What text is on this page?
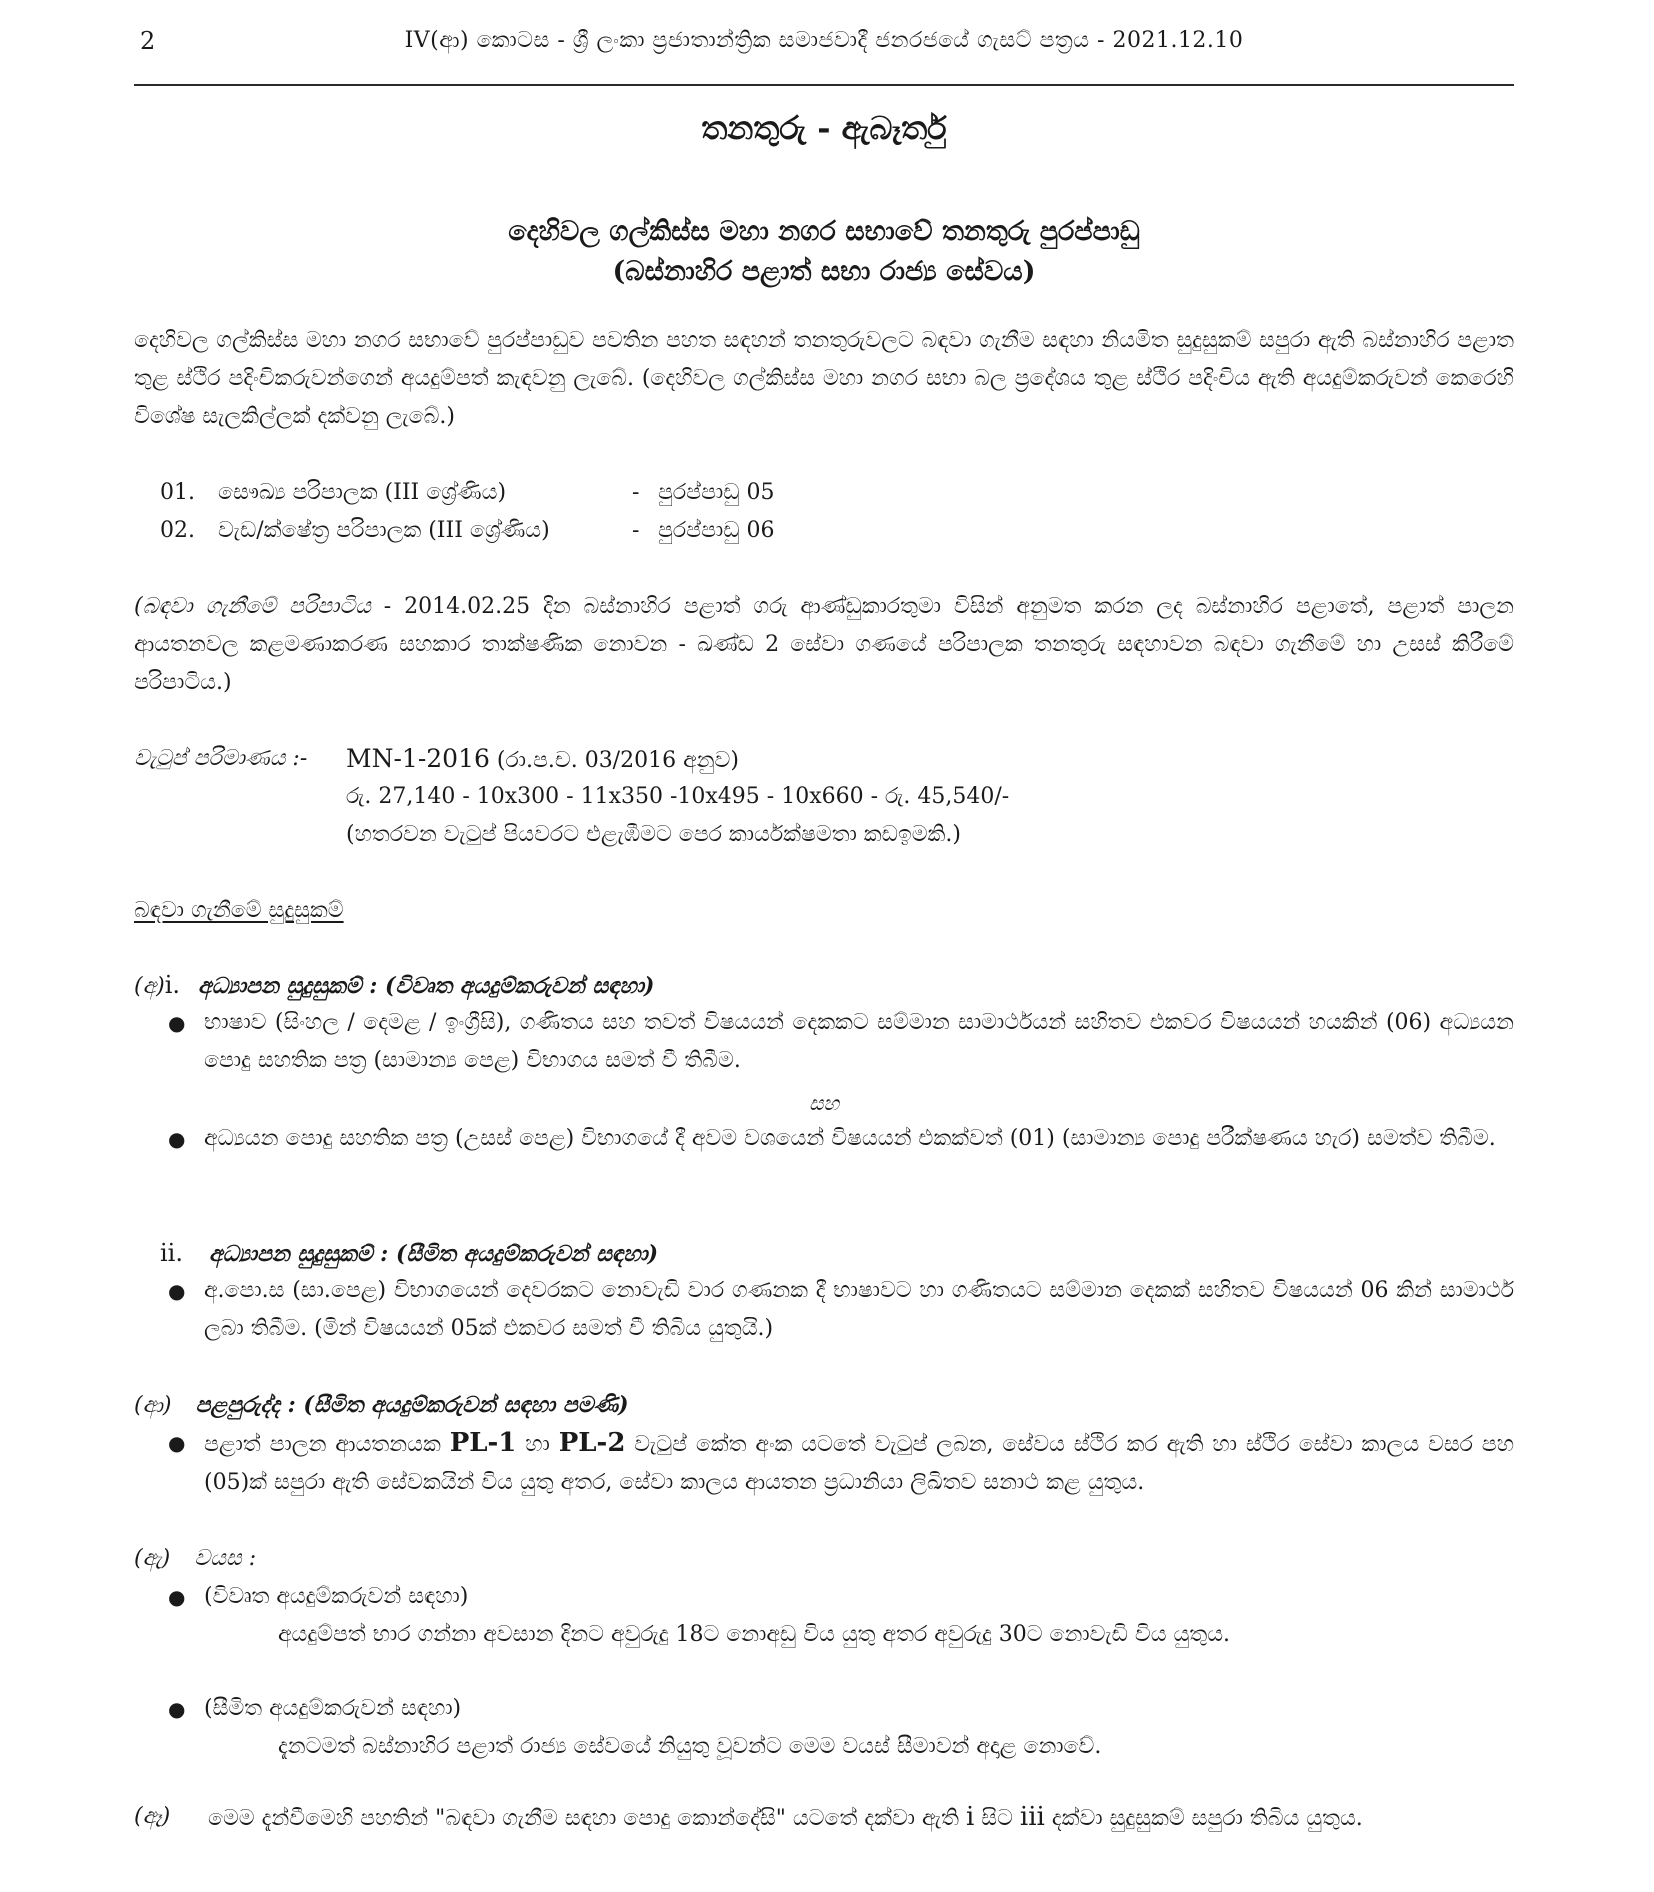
2	IV(ආ) කොටස - ශ්‍රී ලංකා ප්‍රජාතාන්ත්‍රික සමාජවාදී ජනරජයේ ගැසට් පත්‍රය - 2021.12.10
තනතුරු - ඇබෑර්තු
දෙහිවල ගල්කිස්ස මහා නගර සභාවේ තනතුරු පුරප්පාඩු
(බස්නාහිර පළාත් සභා රාජ්‍ය සේවය)
දෙහිවල ගල්කිස්ස මහා නගර සභාවේ පුරප්පාඩුව පවතින පහත සඳහන් තනතුරුවලට බඳවා ගැනීම සඳහා නියමිත සුදුසුකම් සපුරා ඇති බස්නාහිර පළාත තුළ ස්ථිර පදිංචිකරුවන්ගෙන් අයදුම්පත් කැඳවනු ලැබේ. (දෙහිවල ගල්කිස්ස මහා නගර සභා බල ප්‍රදේශය තුළ ස්ථිර පදිංචිය ඇති අයදුම්කරුවන් කෙරෙහි විශේෂ සැලකිල්ලක් දක්වනු ලැබේ.)
01. සෞඛ්‍ය පරිපාලක (III ශ්‍රේණිය)	- පුරප්පාඩු 05
02. වැඩ/ක්ෂේත්‍ර පරිපාලක (III ශ්‍රේණිය)	- පුරප්පාඩු 06
(බඳවා ගැනීමේ පරිපාටිය - 2014.02.25 දින බස්නාහිර පළාත් ගරු ආණ්ඩුකාරතුමා විසින් අනුමත කරන ලද බස්නාහිර පළාතේ, පළාත් පාලන ආයතනවල කළමණාකරණ සහකාර තාක්ෂණික නොවන - ඛණ්ඩ 2 සේවා ගණයේ පරිපාලක තනතුරු සඳහාවන බඳවා ගැනීමේ හා උසස් කිරීමේ පරිපාටිය.)
වැටුප් පරිමාණය :- MN-1-2016 (රා.ප.ච. 03/2016 අනුව)
රු. 27,140 - 10x300 - 11x350 -10x495 - 10x660 - රු. 45,540/-
(හතරවන වැටුප් පියවරට එළැඹීමට පෙර කාර්යක්ෂමතා කඩඉමකි.)
බඳවා ගැනීමේ සුදුසුකම්
(අ)i. අධ්‍යාපන සුදුසුකම් : (විවෘත අයදුම්කරුවන් සඳහා)
● භාෂාව (සිංහල / දෙමළ / ඉංග්‍රීසි), ගණිතය සහ තවත් විෂයයන් දෙකකට සම්මාන සාමාර්ථයන් සහිතව එකවර විෂයයන් හයකින් (06) අධ්‍යයන පොදු සහතික පත්‍ර (සාමාන්‍ය පෙළ) විභාගය සමත් වී තිබීම.
සහ
● අධ්‍යයන පොදු සහතික පත්‍ර (උසස් පෙළ) විභාගයේ දී අවම වශයෙන් විෂයයන් එකක්වත් (01) (සාමාන්‍ය පොදු පරීක්ෂණය හැර) සමත්ව තිබීම.
ii. අධ්‍යාපන සුදුසුකම් : (සීමිත අයදුම්කරුවන් සඳහා)
● අ.පො.ස (සා.පෙළ) විභාගයෙන් දෙවරකට නොවැඩි වාර ගණනක දී භාෂාවට හා ගණිතයට සම්මාන දෙකක් සහිතව විෂයයන් 06 කින් සාමාර්ථ ලබා තිබීම. (මින් විෂයයන් 05ක් එකවර සමත් වී තිබිය යුතුයි.)
(ආ) පළපුරුද්ද : (සීමිත අයදුම්කරුවන් සඳහා පමණි)
● පළාත් පාලන ආයතනයක PL-1 හා PL-2 වැටුප් කේත අංක යටතේ වැටුප් ලබන, සේවය ස්ථිර කර ඇති හා ස්ථිර සේවා කාලය වසර පහ (05)ක් සපුරා ඇති සේවකයින් විය යුතු අතර, සේවා කාලය ආයතන ප්‍රධානියා ලිඛිතව සනාථ කළ යුතුය.
(ඇ) වයස :
● (විවෘත අයදුම්කරුවන් සඳහා)
අයදුම්පත් භාර ගන්නා අවසාන දිනට අවුරුදු 18ට නොඅඩු විය යුතු අතර අවුරුදු 30ට නොවැඩි විය යුතුය.
● (සීමිත අයදුම්කරුවන් සඳහා)
දැනටමත් බස්නාහිර පළාත් රාජ්‍ය සේවයේ නියුතු වූවන්ට මෙම වයස් සීමාවන් අදාළ නොවේ.
(ඈ) මෙම දැන්වීමෙහි පහතින් "බඳවා ගැනීම සඳහා පොදු කොන්දේසි" යටතේ දක්වා ඇති i සිට iii දක්වා සුදුසුකම් සපුරා තිබිය යුතුය.
